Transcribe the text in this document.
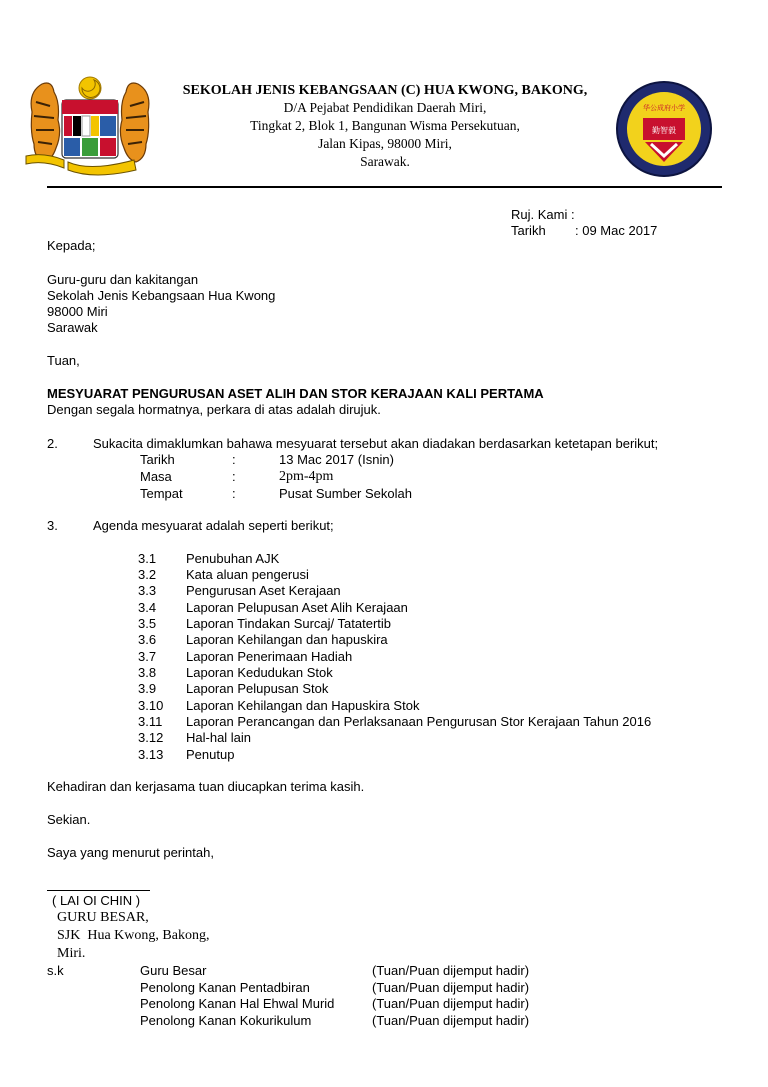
华公成府小学
勤智毅
SEKOLAH JENIS KEBANGSAAN (C) HUA KWONG, BAKONG,
D/A Pejabat Pendidikan Daerah Miri,
Tingkat 2, Blok 1, Bangunan Wisma Persekutuan,
Jalan Kipas, 98000 Miri,
Sarawak.
Ruj. Kami :
Tarikh : 09 Mac 2017
Kepada;
Guru-guru dan kakitangan
Sekolah Jenis Kebangsaan Hua Kwong
98000 Miri
Sarawak
Tuan,
MESYUARAT PENGURUSAN ASET ALIH DAN STOR KERAJAAN KALI PERTAMA
Dengan segala hormatnya, perkara di atas adalah dirujuk.
2.	Sukacita dimaklumkan bahawa mesyuarat tersebut akan diadakan berdasarkan ketetapan berikut;
Tarikh	:	13 Mac 2017 (Isnin)
Masa	:	2pm-4pm
Tempat	:	Pusat Sumber Sekolah
3.	Agenda mesyuarat adalah seperti berikut;
3.1 Penubuhan AJK
3.2 Kata aluan pengerusi
3.3 Pengurusan Aset Kerajaan
3.4 Laporan Pelupusan Aset Alih Kerajaan
3.5 Laporan Tindakan Surcaj/ Tatatertib
3.6 Laporan Kehilangan dan hapuskira
3.7 Laporan Penerimaan Hadiah
3.8 Laporan Kedudukan Stok
3.9 Laporan Pelupusan Stok
3.10 Laporan Kehilangan dan Hapuskira Stok
3.11 Laporan Perancangan dan Perlaksanaan Pengurusan Stor Kerajaan Tahun 2016
3.12 Hal-hal lain
3.13 Penutup
Kehadiran dan kerjasama tuan diucapkan terima kasih.
Sekian.
Saya yang menurut perintah,
( LAI OI CHIN )
GURU BESAR,
SJK  Hua Kwong, Bakong,
Miri.
s.k	Guru Besar	(Tuan/Puan dijemput hadir)
Penolong Kanan Pentadbiran	(Tuan/Puan dijemput hadir)
Penolong Kanan Hal Ehwal Murid	(Tuan/Puan dijemput hadir)
Penolong Kanan Kokurikulum	(Tuan/Puan dijemput hadir)
